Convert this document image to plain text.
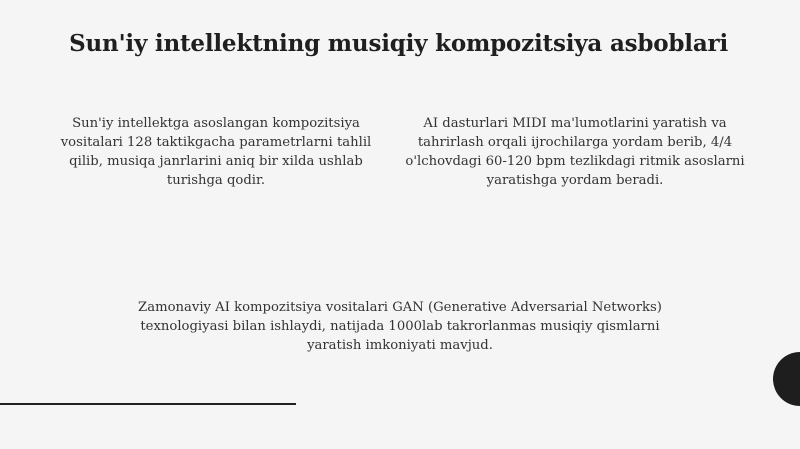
Sun'iy intellektning musiqiy kompozitsiya asboblari
Sun'iy intellektga asoslangan kompozitsiya vositalari 128 taktikgacha parametrlarni tahlil qilib, musiqa janrlarini aniq bir xilda ushlab turishga qodir.
AI dasturlari MIDI ma'lumotlarini yaratish va tahrirlash orqali ijrochilarga yordam berib, 4/4 o'lchovdagi 60-120 bpm tezlikdagi ritmik asoslarni yaratishga yordam beradi.
Zamonaviy AI kompozitsiya vositalari GAN (Generative Adversarial Networks) texnologiyasi bilan ishlaydi, natijada 1000lab takrorlanmas musiqiy qismlarni yaratish imkoniyati mavjud.
